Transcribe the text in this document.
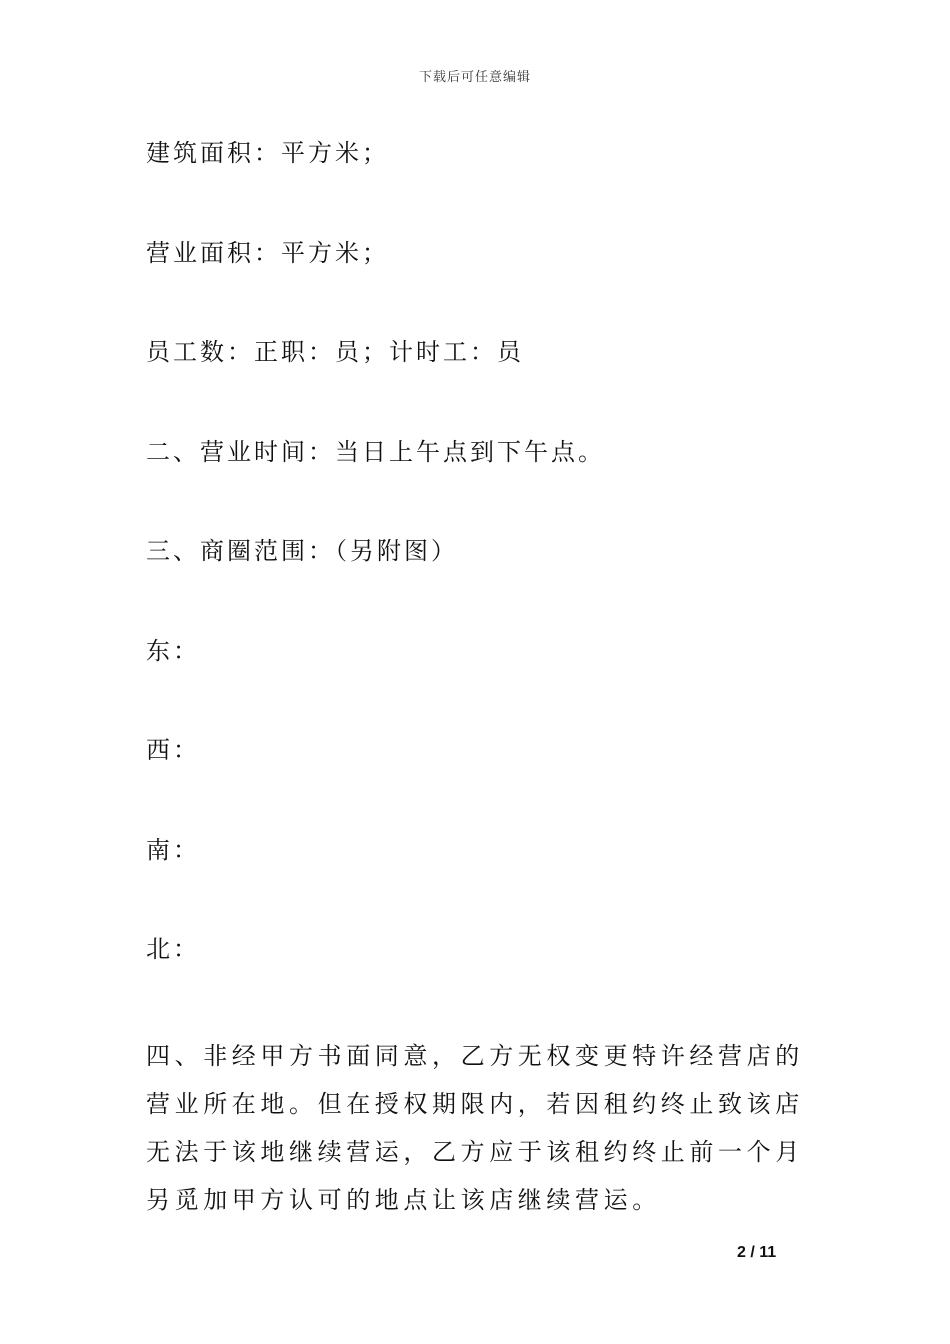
下载后可任意编辑
建筑面积：平方米；
营业面积：平方米；
员工数：正职：员；计时工：员
二、营业时间：当日上午点到下午点。
三、商圈范围：（另附图）
东：
西：
南：
北：
四、非经甲方书面同意，乙方无权变更特许经营店的营业所在地。但在授权期限内，若因租约终止致该店无法于该地继续营运，乙方应于该租约终止前一个月另觅加甲方认可的地点让该店继续营运。
2 / 11
